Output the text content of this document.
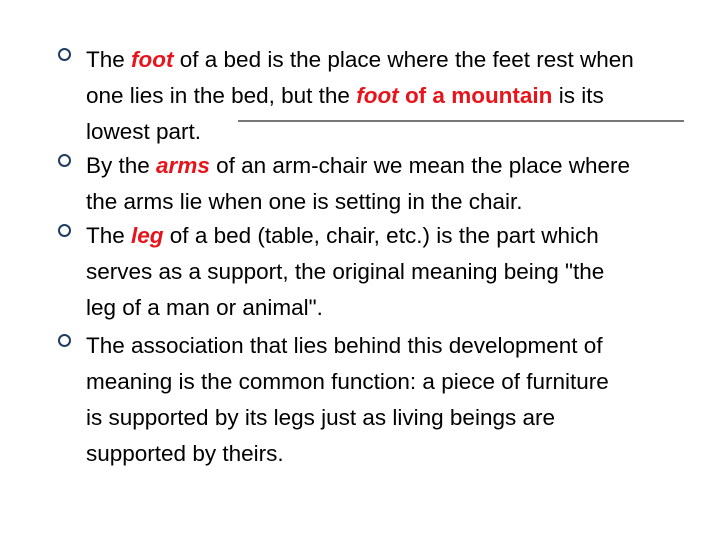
The foot of a bed is the place where the feet rest when
one lies in the bed, but the foot of a mountain is its
lowest part.
By the arms of an arm-chair we mean the place where
the arms lie when one is setting in the chair.
The leg of a bed (table, chair, etc.) is the part which
serves as a support, the original meaning being "the
leg of a man or animal".
The association that lies behind this development of
meaning is the common function: a piece of furniture
is supported by its legs just as living beings are
supported by theirs.
